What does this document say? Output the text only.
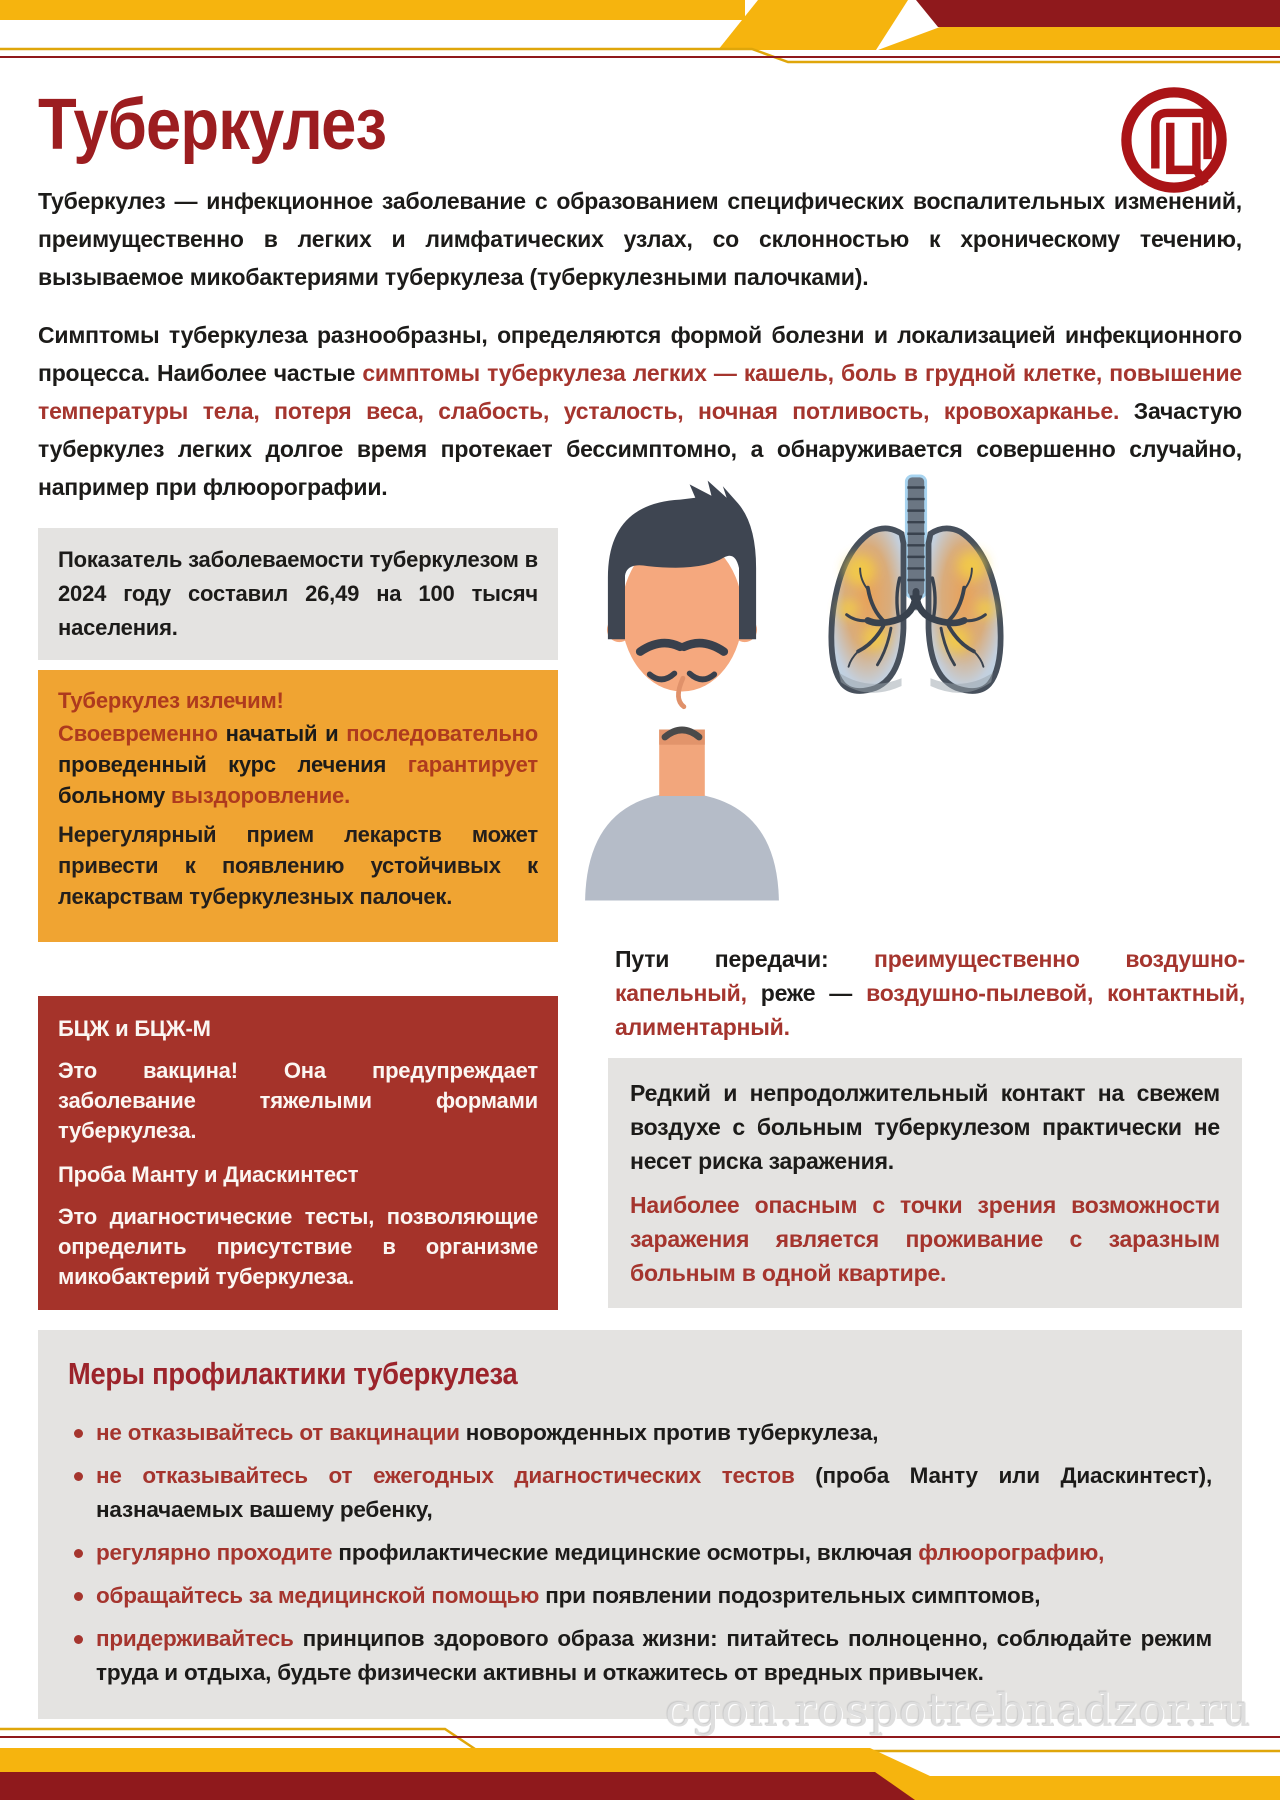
Туберкулез

Туберкулез — инфекционное заболевание с образованием специфических воспалительных изменений, преимущественно в легких и лимфатических узлах, со склонностью к хроническому течению, вызываемое микобактериями туберкулеза (туберкулезными палочками).

Симптомы туберкулеза разнообразны, определяются формой болезни и локализацией инфекционного процесса. Наиболее частые симптомы туберкулеза легких — кашель, боль в грудной клетке, повышение температуры тела, потеря веса, слабость, усталость, ночная потливость, кровохарканье. Зачастую туберкулез легких долгое время протекает бессимптомно, а обнаруживается совершенно случайно, например при флюорографии.

Показатель заболеваемости туберкулезом в 2024 году составил 26,49 на 100 тысяч населения.

Туберкулез излечим!

Своевременно начатый и последовательно проведенный курс лечения гарантирует больному выздоровление.

Нерегулярный прием лекарств может привести к появлению устойчивых к лекарствам туберкулезных палочек.

БЦЖ и БЦЖ-М

Это вакцина! Она предупреждает заболевание тяжелыми формами туберкулеза.

Проба Манту и Диаскинтест

Это диагностические тесты, позволяющие определить присутствие в организме микобактерий туберкулеза.

Пути передачи: преимущественно воздушно-капельный, реже — воздушно-пылевой, контактный, алиментарный.

Редкий и непродолжительный контакт на свежем воздухе с больным туберкулезом практически не несет риска заражения.

Наиболее опасным с точки зрения возможности заражения является проживание с заразным больным в одной квартире.

Меры профилактики туберкулеза
не отказывайтесь от вакцинации новорожденных против туберкулеза,
не отказывайтесь от ежегодных диагностических тестов (проба Манту или Диаскинтест), назначаемых вашему ребенку,
регулярно проходите профилактические медицинские осмотры, включая флюорографию,
обращайтесь за медицинской помощью при появлении подозрительных симптомов,
придерживайтесь принципов здорового образа жизни: питайтесь полноценно, соблюдайте режим труда и отдыха, будьте физически активны и откажитесь от вредных привычек.
cgon.rospotrebnadzor.ru
